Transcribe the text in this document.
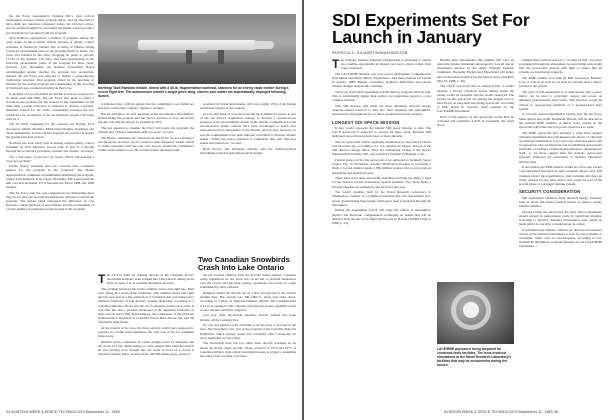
the Air Force Aeronautical Systems Div.'s joint tactical autonomous weapon system program office, said he expected to have eight test launches completed before the October review. Groves said he thought five successful test flights would provide a good indication to go ahead with the program.

Tacit Rainbow experienced a number of problems during the early stages of the program, mainly because of quality control problems at Northrop's Ventura Div. A string of failures during contractor development tests on the program made by nearly two years and resulted in the Navy dropping its plans to procure 11,762 of the missiles. The Navy had been participating in the full-scale development phase of the program for three years, however. Last December, the Defense Acquisition Board recommended against moving the program into production. Instead, the Air Force was directed to initiate a preproduction verification program. That program called for the purchase of missiles for the testing program and continuation of line proofing at Northrop's new production facility in Perry, Ga.

A decision on low-rate initial production is now not expected to be made until mid-1990. The Air Force also plans to select a second-source producer for the weapon in late September. At the same time a prime contractor is expected to develop a ground-launched version for the Army. Competition between the two contractors for production of the air-launched version will begin with lot 3.

The six firms competing for the contracts are Boeing, Ford Aerospace, Martin Marietta, McDonnell Douglas, Raytheon and Texas Instruments. Groves said he expected the contract to supply the ground-launched version.

Northrop has done fairly well in turning around quality control problems on Tacit Rainbow, Groves said, as part of a moving through the acceptance procedure "quicker and cleaner," he noted.

"It's a real sense of success," he noted. "We're still keeping a close eye on them."

Earlier testing problems and cost concerns have weakened support for the program in the Congress. The House Appropriations committee recommended terminating the program, saying Tacit Rainbow is no longer affordable. The panel noted the unit cost had increased 375% between the Fiscal 1988 and 1990 budgets.

The Air Force said the cost comparisons are misleading since they do not take into account the Pentagon's decision to stretch the program. The Senate panel expressed the difference in cost between a small purchase of test vehicles and the procurement of a larger number of production weapons later in the program.

Northrop Tacit Rainbow missile, armed with a 40-lb. fragmentation warhead, searches for an enemy radar emitter during a recent flight test. The autonomous missile's single-piece wing, sleeves and rudder are automatically deployed following launch.

A Defense Dept. official agreed that the committee's cost claims are specious, in that they compare "apples to oranges."

But he said there are still questions about the missile's affordability. Restructuring the program and the Navy's decision to drop out moves the unit cost still moving up by as much as 20%.

The key question is whether the Navy will rejoin the program, the official said. "Their requirement didn't go away," he said.

The House committee also criticized the Air Force for not selecting a second-source producer for the weapon's radio frequency seeker, which it claims represents half the total cost. Groves denied the committee's claims on the seeker's cost. He said the seeker, developed and

produced by Texas Instruments, will cost roughly 20% of the full-up production version of the weapon.

Groves said issue of a second-sourcing Tacit Rainbow's seeker is part of the Air Force's acquisition strategy to develop a second-source producer of the air-breathing version of the missile. Competitors for the second-source prime contract have been encouraged to select new subcontractors for subsystems of the missile, Groves said, however, so specific requirements have been imposed on bidders to develop another seeker. "When the source selection is completed, they will find new seeker subcontractors," he said.

Both Groves and Pentagon officials said the Northrop/Texas Instruments team has performed well in testing.

Two Canadian Snowbirds Crash Into Lake Ontario

The CT-114 Tutor jet training aircraft of the Canadian Forces' Snowbirds aerobatic team crashed into Lake Ontario during an air show on Sept. 3 in an accident that killed one pilot.

The accident involved the team's numbers seven and eight jets. Both were flying in a seven-plane formation, with numbers seven and eight aircraft were part of a five-plane-flow V formation that was doing part a diamond formation of four aircraft crossing diagonally, according to a Canadian Defense official and the two formations passed each other. It was after this that a problem developed in the departing formation of three aircraft led by Maj. Dan Dempsey, the commander of the 431st Air Demonstration Squadron at Canadian Forces Base Moose Jaw and the Snowbirds team leader.

At the bottom of the loop, the three aircraft, which were supposed to separate as a bomb burst maneuver, but only one of the two wingmen broke away.

Number seven, continued on a path straight down by Dempsey and the crown by Capt. Shane Antaya to crash. Antaya died when the aircraft he was piloting dove straight into the water in front of a crowd at Toronto's Ontario Place, located about 100-300 meters away. Antaya's

aircraft crashed offshore from the Toronto Island Airport. Canadian safety regulations do not allow jets on aircraft to perform maneuvers over the crowd, and the basic parting operations over water, in a line established by show officials.

Dempsey pulled his aircraft out of a dive and ejected as the aircraft straight dips. The aircraft was 300-1,000 ft. down and came down, according to a Dept. of National Defense official. The Canadian-built CT-114 is equipped with a Rocket seat that has escape capability down to zero altitude and 60 kt. airspeed.

Last year, three Snowbirds' aerobatic aircraft crashed into Lake Ontario off the Canada's Pier.

No one was injured on the shoreline or in the boats or in boats in the area. The Snowbirds were part of the program of the Canadian National Exhibition, which feature weeks and concludes with a three-day air show beginning on Labor Day.

The Snowbirds have lost two other Tutor aircraft accidents an air shows involving single aircraft. Those occurred in 1972 and 1977. A Canadian military fight safety investigation team is trying to determine the cause of the accident at Toronto.

34 AVIATION WEEK & SPACE TECHNOLOGY/September 11, 1989
SDI Experiments Set For Launch in January
PATRICIA A. GILMARTIN/WASHINGTON

The Strategic Defense Initiative Organization is preparing to launch two satellite experiments in January on board a Delta rocket from Cape Canaveral.

The LACE/RME mission—for Low-power Atmospheric Compensation Experiment and Relay Mirror Experiment—had been planned for launch in August, 1988. Budget constraints, technical difficulties and launch vehicle changes delayed this schedule.

Total cost of the SDI experiment is $250 million, program officials said. This is substantially higher than earlier cost projections keyed to a less complex mission.

This SDI mission will mark the most ambitious directed energy weapons-related research to date into laser targeting and atmospheric perturbation with application to a future ground-based laser weapon.

LONGEST SDI SPACE MISSION

It also would represent the longest SDI space mission to date. The LACE spacecraft is expected to operate for three years. Previous SDI dedicated space missions have been of short duration.

The two spacecraft will be separately manifested for the January launch several weeks ago, according to Lt. Col. Thomas W. Meyer, director of the SDI directed energy office. They are undergoing testing at the Navy's Patuxent River facility, Md., and contractor facilities in Boulder, Colo.

Present plans call for the spacecraft to be delivered to Kennedy Space Center, Fla., in November. Another McDonnell Douglas is providing a Delta 2 for the mission under a $50 million contract that covers payload integration and launch services.

There have been three successful launches involving the Delta 2 used for the Navstar Global Positioning System satellites. Two more Delta 2 Navstar launches are planned by the Air Force this year.

The LACE satellite, built by the Naval Research Laboratory in Washington, consists of a cylindrical structure that will characterize low-power ground-based laser beams which have been propagated through the atmosphere.

During the experiment, LACE will study the effects of atmospheric physics and electronic compensation techniques on beams that will be directed from the Air Force Maui Optical site in Hawaii (AW&ST July 4, 1988, p. 52).

Besides laser experiments, this satellite will carry an ultraviolet plume instrument developed by Lowell and an experiment devised by the Army Strategic Defense Command. The Army Background Experiment will gather data on the natural neutron background in space (AW&ST May 16, 1988, p. 49).

The LACE spacecraft will be deployed first. It would undergo a 60-day checkout period during which the panels would be unfolded and the booms deployed. The booms on this spacecraft are among the longest ever to have flown on long-term free-flying spacecraft, according to Maj. David E. Orndorf, chief scientist for the LACE/RME experiment.

Each of the sensors on the spacecraft would then be activated and examined. LACE is essentially the target board

LACE/RME payload is being prepared for combined tests facilities. The tests involved simulations at the Naval Research Laboratory's facilities that may be encountered during the launch.

satellite that would be used as a "scoring facility" for lasers propagated through the atmosphere, he said. Initial tests would find the spacecraft's sensors with light to ensure that all systems are functioning properly.

The RME satellite was built by Ball Aerospace, Boulder, Colo. It will be in orbit for at least six months with a mirror pointed to the ground.

The goal of this experiment is to demonstrate that a space mirror can be used to accurately capture and power on uplinked ground-based laser beam. This function would be critical to space-based elements of a ground-based laser system.

A Colorado-based experimental facility near the Air Force Maui optical site on Mt. Haleakala, Hawaii, will be directed at the orbiting RME satellite. A mirror array carried on the spacecraft will reflect the low-power beam back to earth.

The RME spacecraft also includes a solid head angular vibration experiment that will measure the effects of vibration on platform stabilization. It is a new type of motion sensor that is expected to play an important role in stabilizing space-based platforms, according to Allied Signal Aerospace, Albuquerque, N.M., to be more rugged than the delicate gyroscopes typically employed by researchers to measure vibrations, Orndorf said.

If successful, the RME mission would be a first step toward a ground-based free-electron laser program, Meyer said. SDI planners expect the experiment to yield valuable data that can verify designs for the relay mirror that would be part of the second phase of a strategic defense system.

SECURITY CONSIDERATION

SDI researchers envision using directed energy weapons, such as lasers and neutral particle beams, to destroy enemy ballistic missiles.

Ground testing has shown that the relay mirror experiment should exceed its performance goals by significant margins, according to Orndorf. Detailed performance data cannot be made public for security considerations, he added.

Government and industry officials are directed an extensive review of the planned experiments to look for any problems or oversights. There were no showstoppers, according to Col. William M. Brickhurst, program manager for the LACE/RME experiment. >

AVIATION WEEK & SPACE TECHNOLOGY/September 11, 1989 35
